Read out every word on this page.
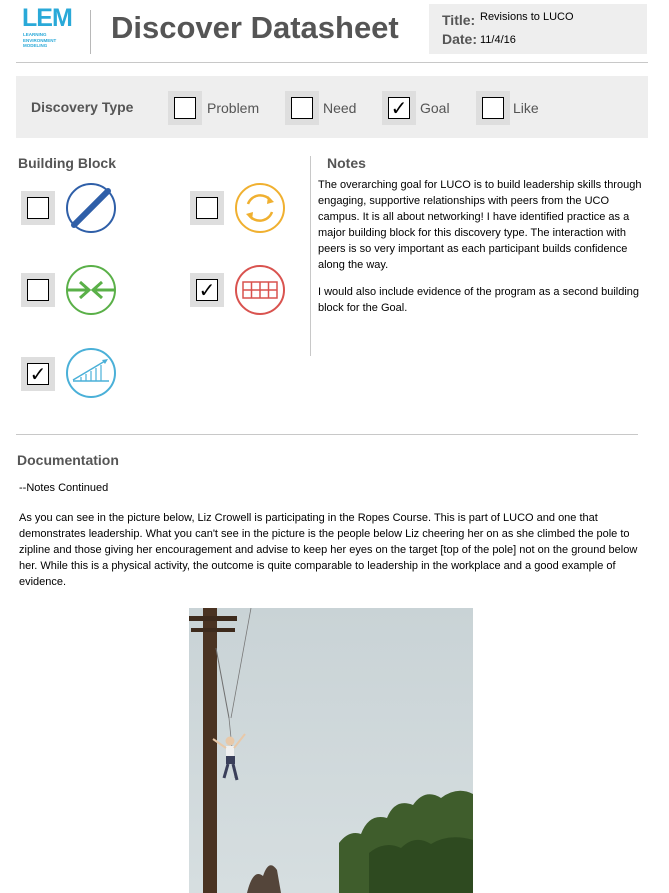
LEM
LEARNING
ENVIRONMENT
MODELING
Discover Datasheet	Title: Revisions to LUCO
Date: 11/4/16
Discovery Type	Problem	Need ✓ Goal	Like
Building Block
✓
✓
Notes

The overarching goal for LUCO is to build leadership skills through engaging, supportive relationships with peers from the UCO campus. It is all about networking! I have identified practice as a major building block for this discovery type. The interaction with peers is so very important as each participant builds confidence along the way.

I would also include evidence of the program as a second building block for the Goal.

Documentation
--Notes Continued
As you can see in the picture below, Liz Crowell is participating in the Ropes Course. This is part of LUCO and one that demonstrates leadership. What you can't see in the picture is the people below Liz cheering her on as she climbed the pole to zipline and those giving her encouragement and advise to keep her eyes on the target [top of the pole] not on the ground below her. While this is a physical activity, the outcome is quite comparable to leadership in the workplace and a good example of evidence.
